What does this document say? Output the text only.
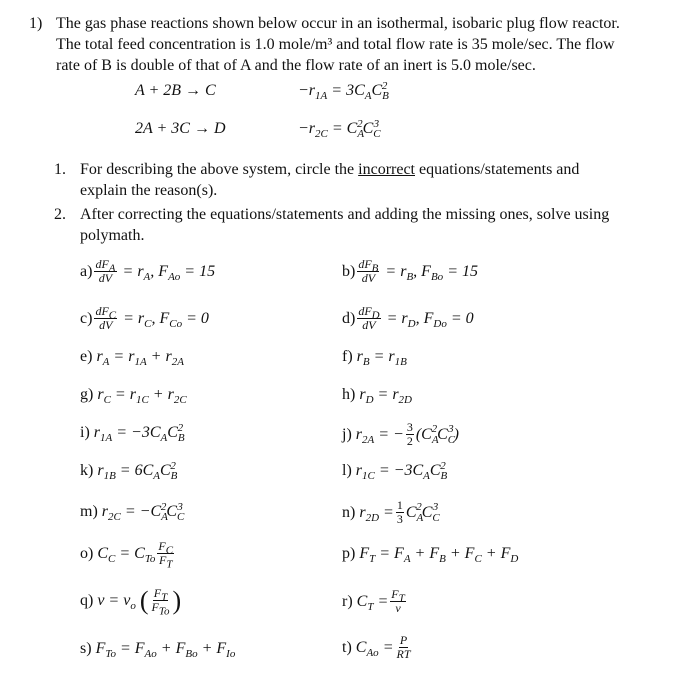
1) The gas phase reactions shown below occur in an isothermal, isobaric plug flow reactor.
The total feed concentration is 1.0 mole/m³ and total flow rate is 35 mole/sec. The flow
rate of B is double of that of A and the flow rate of an inert is 5.0 mole/sec.
A + 2B → C	$-r_{1A} = 3C_AC_B^2$
2A + 3C → D	$-r_{2C} = C_A^2C_C^3$
1. For describing the above system, circle the incorrect equations/statements and
explain the reason(s).
2. After correcting the equations/statements and adding the missing ones, solve using
polymath.
$a) \frac{dF_A}{dV} = r_A$, $F_{Ao} = 15$	$b) \frac{dF_B}{dV} = r_B$, $F_{Bo} = 15$
$c) \frac{dF_C}{dV} = r_C$, $F_{Co} = 0$	$d) \frac{dF_D}{dV} = r_D$, $F_{Do} = 0$
e) $r_A = r_{1A} + r_{2A}$	f) $r_B = r_{1B}$
g) $r_C = r_{1C} + r_{2C}$	h) $r_D = r_{2D}$
i) $r_{1A} = -3C_AC_B^2$	j) $r_{2A}$ = − $\frac{3}{2} (C_A^2C_C^3)$
k) $r_{1B} = 6C_AC_B^2$	l) $r_{1C} = -3C_AC_B^2$
m) $r_{2C} = -C_A^2C_C^3$	n) $r_{2D} = \frac{1}{3} C_A^2C_C^3$
o) $C_C = C_{To} \frac{F_C}{F_T}$	p) $F_T = F_A + F_B + F_C + F_D$
q) $v = v_o$ ( $\frac{F_T}{F_{To}}$ )	r) $C_T = \frac{F_T}{v}$
s) $F_{To} = F_{Ao} + F_{Bo} + F_{Io}$	t) $C_{Ao} = \frac{P}{RT}$
